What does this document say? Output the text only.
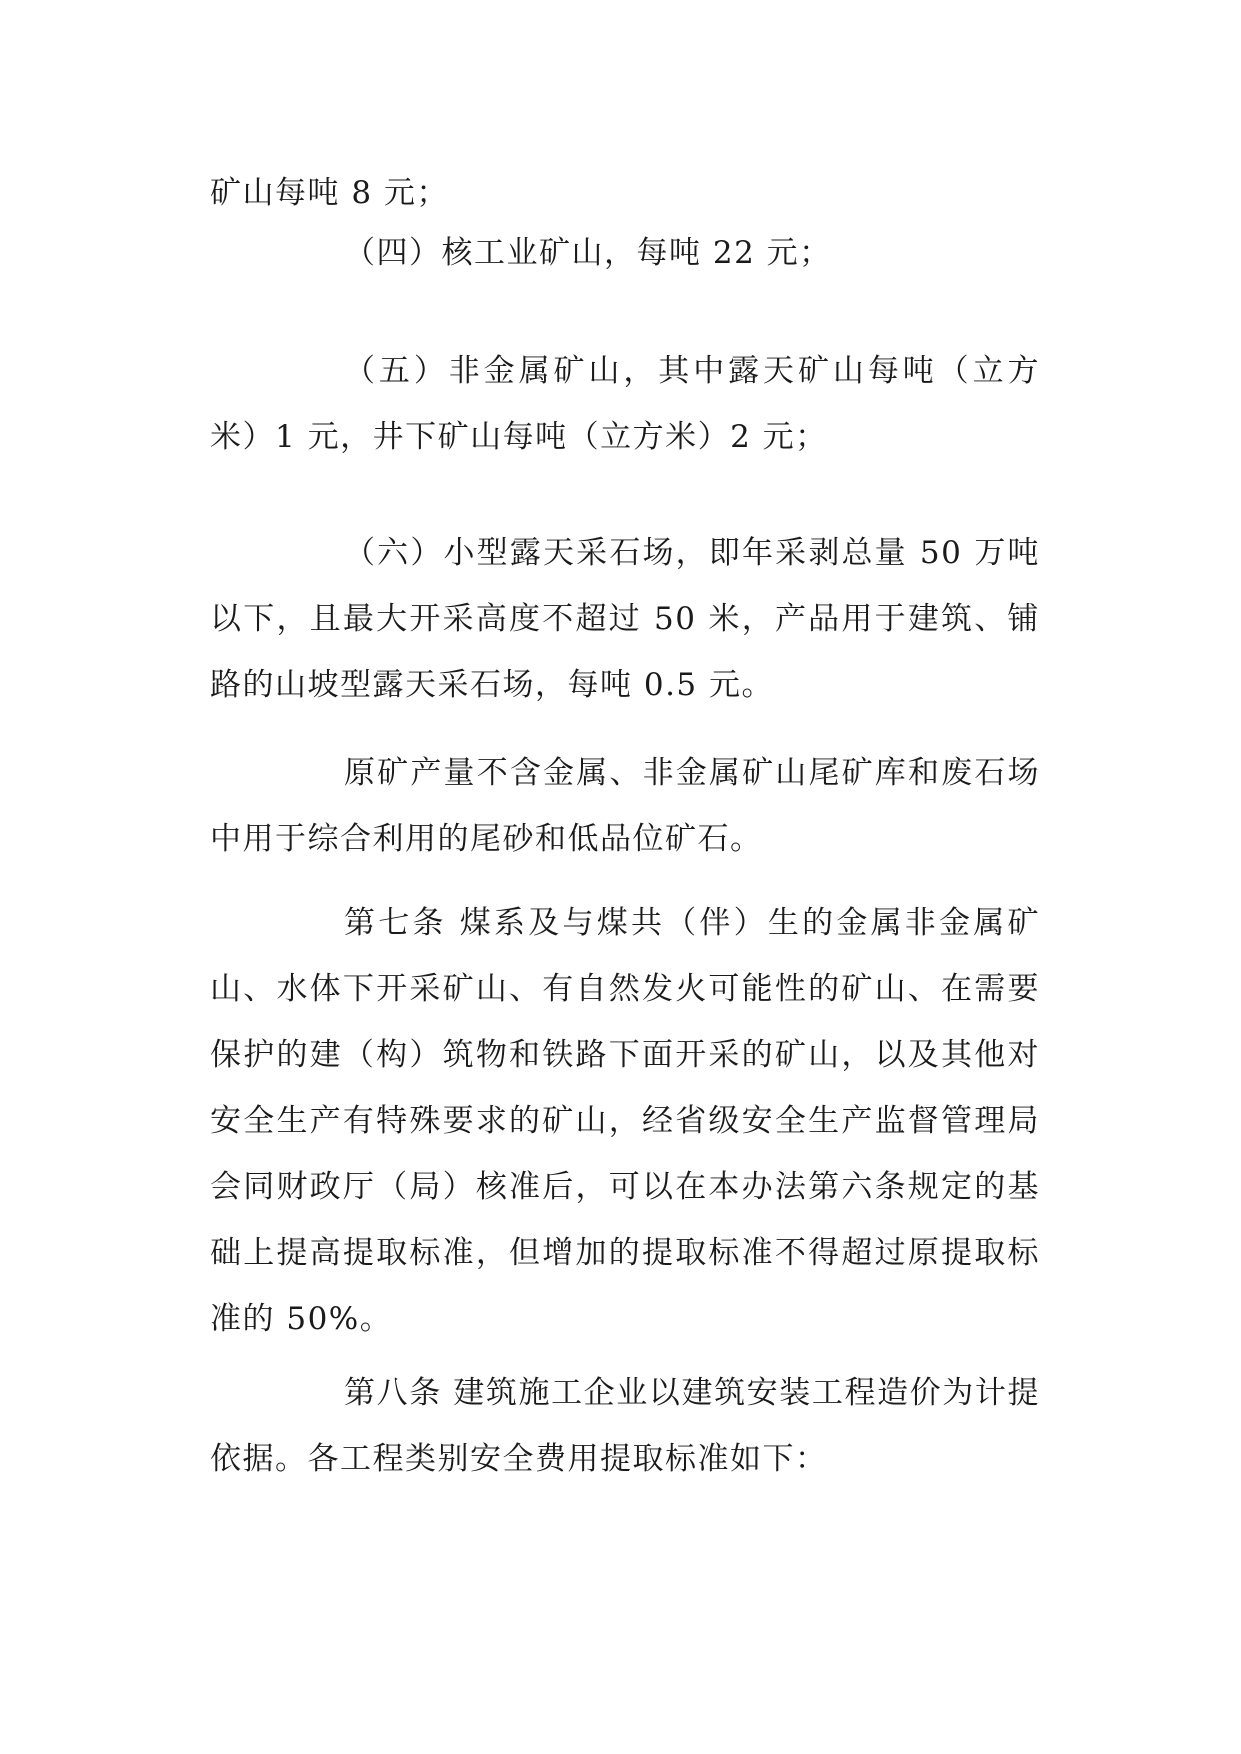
矿山每吨 8 元；

（四）核工业矿山，每吨 22 元；

（五）非金属矿山，其中露天矿山每吨（立方米）1 元，井下矿山每吨（立方米）2 元；

（六）小型露天采石场，即年采剥总量 50 万吨以下，且最大开采高度不超过 50 米，产品用于建筑、铺路的山坡型露天采石场，每吨 0.5 元。

原矿产量不含金属、非金属矿山尾矿库和废石场中用于综合利用的尾砂和低品位矿石。

第七条 煤系及与煤共（伴）生的金属非金属矿山、水体下开采矿山、有自然发火可能性的矿山、在需要保护的建（构）筑物和铁路下面开采的矿山，以及其他对安全生产有特殊要求的矿山，经省级安全生产监督管理局会同财政厅（局）核准后，可以在本办法第六条规定的基础上提高提取标准，但增加的提取标准不得超过原提取标准的 50%。

第八条 建筑施工企业以建筑安装工程造价为计提依据。各工程类别安全费用提取标准如下：
